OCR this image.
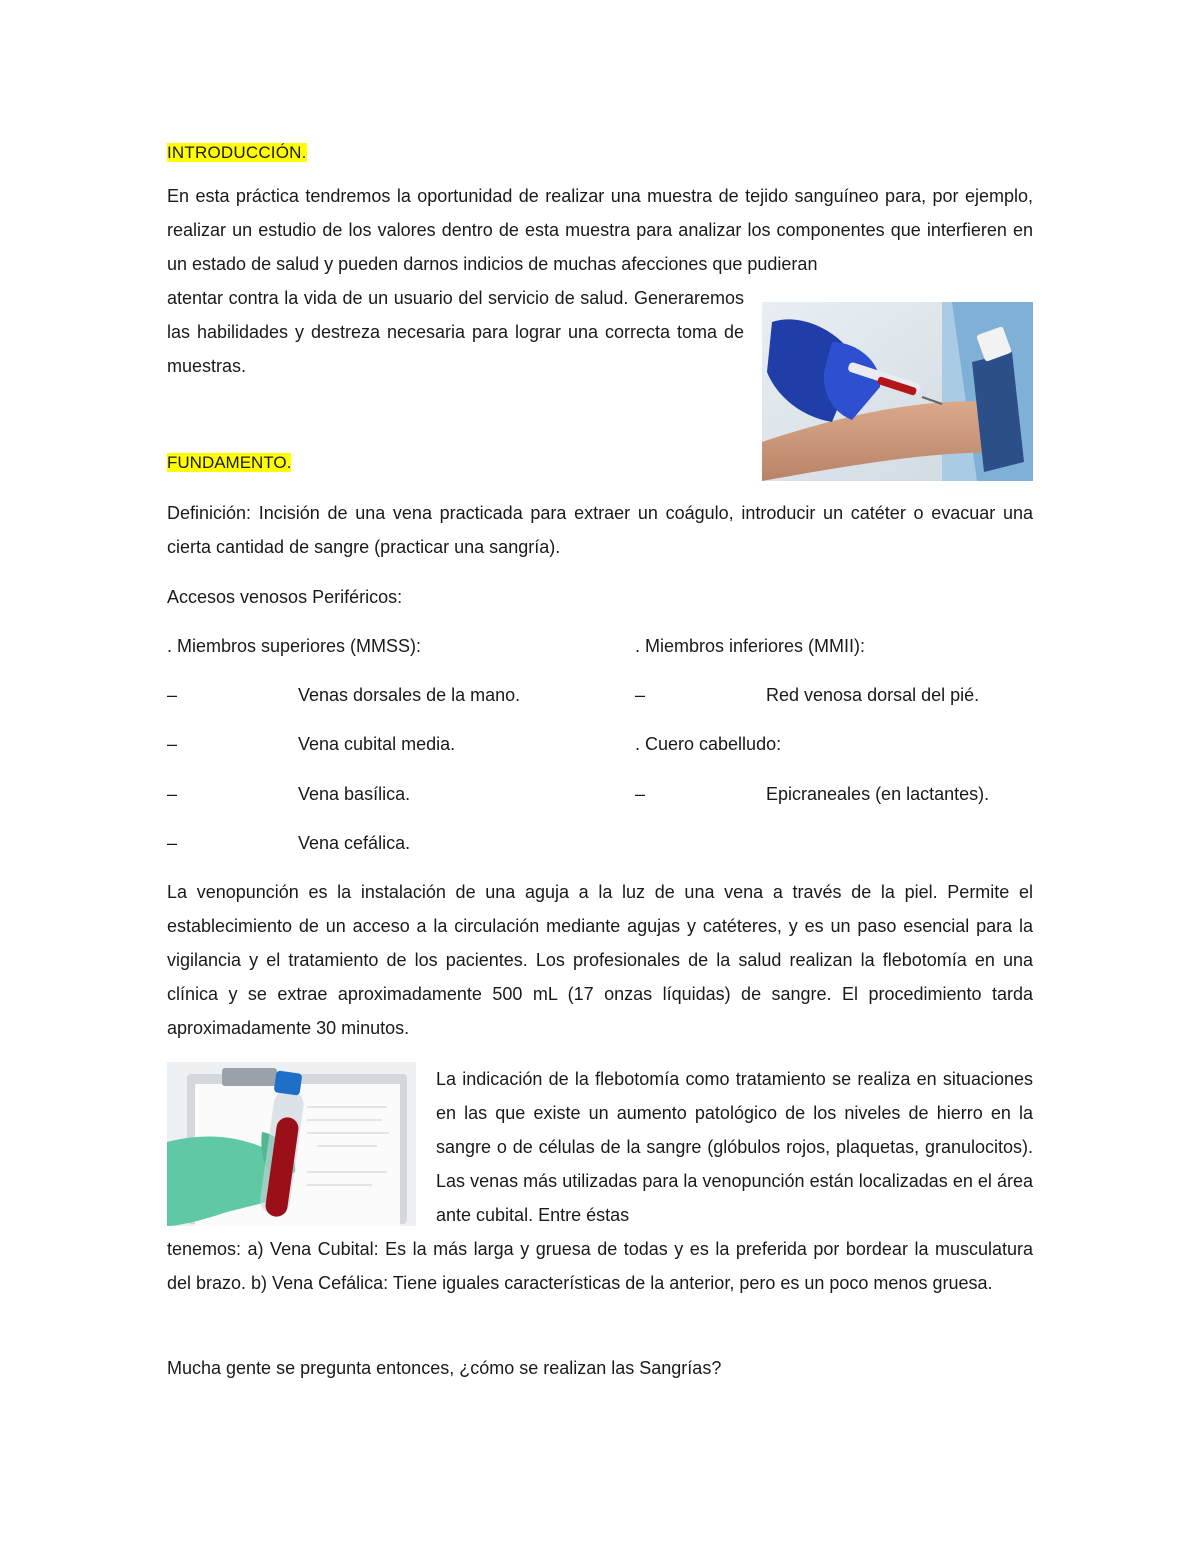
INTRODUCCIÓN.

En esta práctica tendremos la oportunidad de realizar una muestra de tejido sanguíneo para, por ejemplo, realizar un estudio de los valores dentro de esta muestra para analizar los componentes que interfieren en un estado de salud y pueden darnos indicios de muchas afecciones que pudieran

atentar contra la vida de un usuario del servicio de salud. Generaremos las habilidades y destreza necesaria para lograr una correcta toma de muestras.

FUNDAMENTO.

Definición: Incisión de una vena practicada para extraer un coágulo, introducir un catéter o evacuar una cierta cantidad de sangre (practicar una sangría).

Accesos venosos Periféricos:
. Miembros superiores (MMSS):
–	Venas dorsales de la mano.
–	Vena cubital media.
–	Vena basílica.
–	Vena cefálica.
. Miembros inferiores (MMII):
–	Red venosa dorsal del pié.
. Cuero cabelludo:
–	Epicraneales (en lactantes).

La venopunción es la instalación de una aguja a la luz de una vena a través de la piel. Permite el establecimiento de un acceso a la circulación mediante agujas y catéteres, y es un paso esencial para la vigilancia y el tratamiento de los pacientes. Los profesionales de la salud realizan la flebotomía en una clínica y se extrae aproximadamente 500 mL (17 onzas líquidas) de sangre. El procedimiento tarda aproximadamente 30 minutos.

La indicación de la flebotomía como tratamiento se realiza en situaciones en las que existe un aumento patológico de los niveles de hierro en la sangre o de células de la sangre (glóbulos rojos, plaquetas, granulocitos). Las venas más utilizadas para la venopunción están localizadas en el área ante cubital. Entre éstas

tenemos: a) Vena Cubital: Es la más larga y gruesa de todas y es la preferida por bordear la musculatura del brazo. b) Vena Cefálica: Tiene iguales características de la anterior, pero es un poco menos gruesa.

Mucha gente se pregunta entonces, ¿cómo se realizan las Sangrías?
